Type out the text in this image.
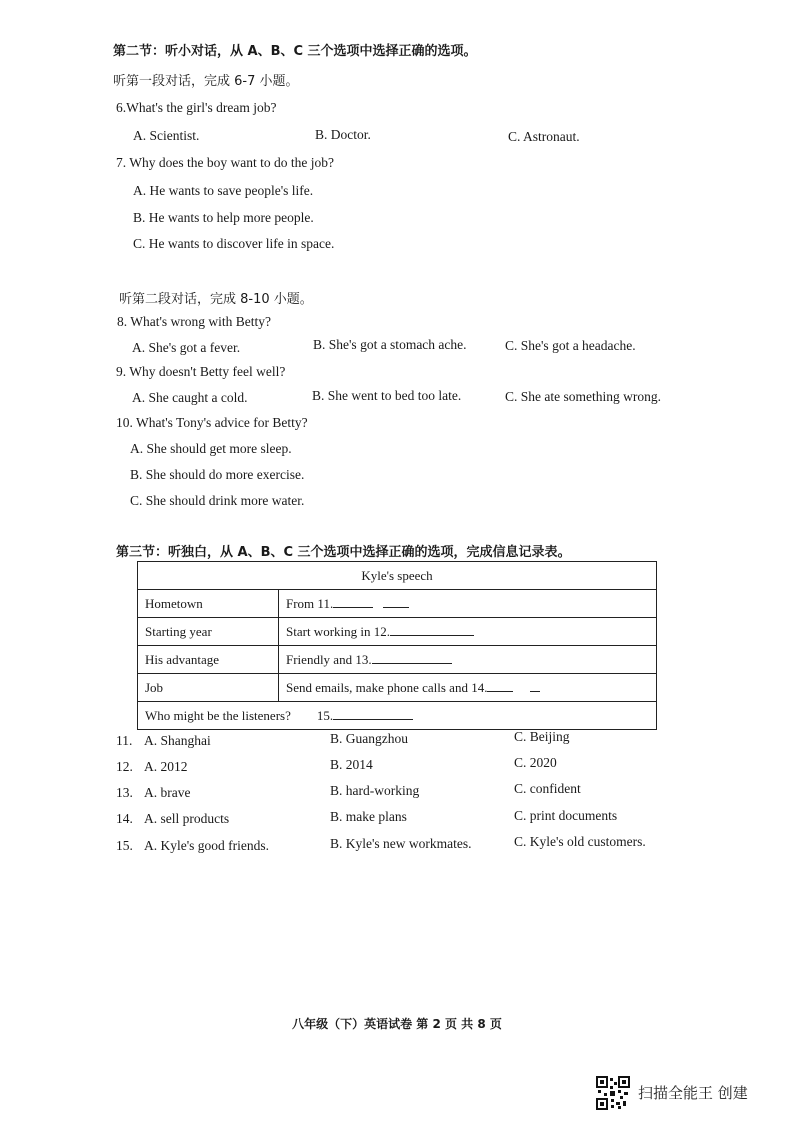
第二节：听小对话，从 A、B、C 三个选项中选择正确的选项。
听第一段对话，完成 6-7 小题。
6.What's the girl's dream job?
A. Scientist.	B. Doctor.	C. Astronaut.
7. Why does the boy want to do the job?
A. He wants to save people's life.
B. He wants to help more people.
C. He wants to discover life in space.
听第二段对话，完成 8-10 小题。
8. What's wrong with Betty?
A. She's got a fever.	B. She's got a stomach ache.	C. She's got a headache.
9. Why doesn't Betty feel well?
A. She caught a cold.	B. She went to bed too late.	C. She ate something wrong.
10. What's Tony's advice for Betty?
A. She should get more sleep.
B. She should do more exercise.
C. She should drink more water.
第三节：听独白，从 A、B、C 三个选项中选择正确的选项，完成信息记录表。
Kyle's speech	
Hometown	From 11.
Starting year	Start working in 12.
His advantage	Friendly and 13.
Job	Send emails, make phone calls and 14.
Who might be the listeners? 15.	
11. A. Shanghai	B. Guangzhou	C. Beijing
12. A. 2012	B. 2014	C. 2020
13. A. brave	B. hard-working	C. confident
14. A. sell products	B. make plans	C. print documents
15. A. Kyle's good friends.	B. Kyle's new workmates.	C. Kyle's old customers.
八年级（下）英语试卷 第 2 页 共 8 页
扫描全能王 创建
